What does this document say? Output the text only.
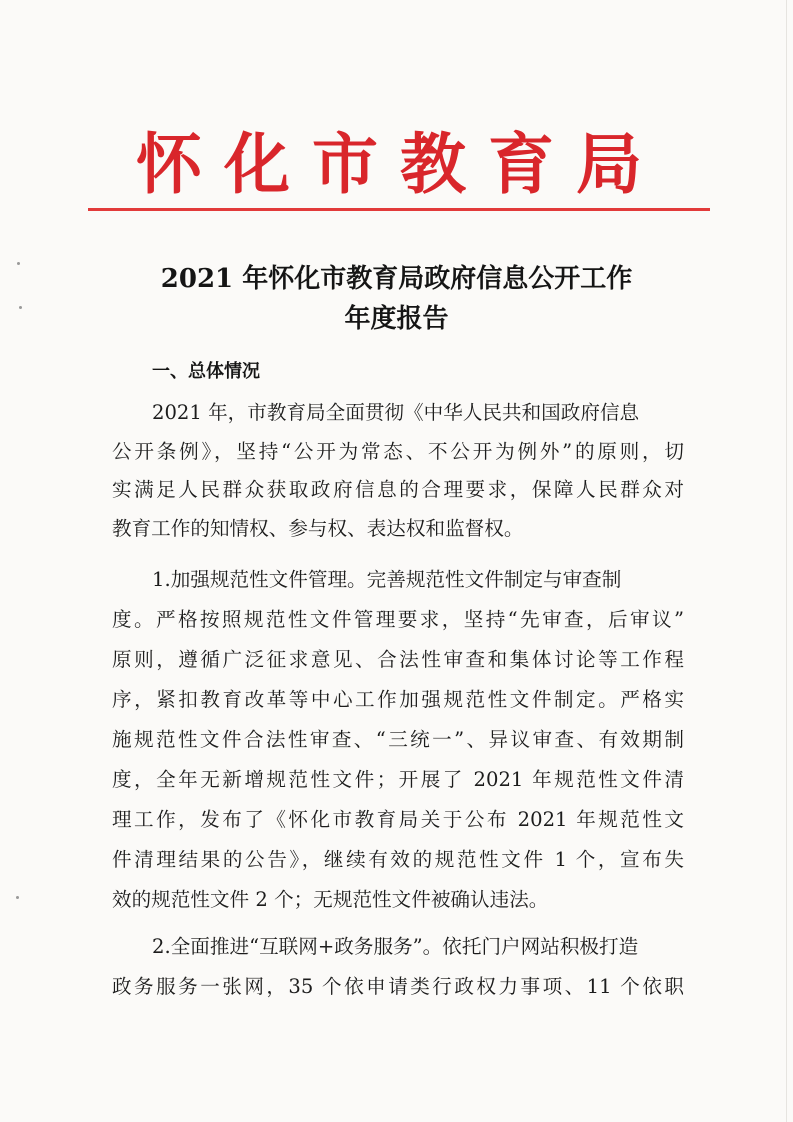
怀化市教育局
2021 年怀化市教育局政府信息公开工作
年度报告
一、总体情况
2021 年，市教育局全面贯彻《中华人民共和国政府信息
公开条例》，坚持“公开为常态、不公开为例外”的原则，切
实满足人民群众获取政府信息的合理要求，保障人民群众对
教育工作的知情权、参与权、表达权和监督权。
1.加强规范性文件管理。完善规范性文件制定与审查制
度。严格按照规范性文件管理要求，坚持“先审查，后审议”
原则，遵循广泛征求意见、合法性审查和集体讨论等工作程
序，紧扣教育改革等中心工作加强规范性文件制定。严格实
施规范性文件合法性审查、“三统一”、异议审查、有效期制
度，全年无新增规范性文件；开展了 2021 年规范性文件清
理工作，发布了《怀化市教育局关于公布 2021 年规范性文
件清理结果的公告》，继续有效的规范性文件 1 个，宣布失
效的规范性文件 2 个；无规范性文件被确认违法。
2.全面推进“互联网+政务服务”。依托门户网站积极打造
政务服务一张网，35 个依申请类行政权力事项、11 个依职
